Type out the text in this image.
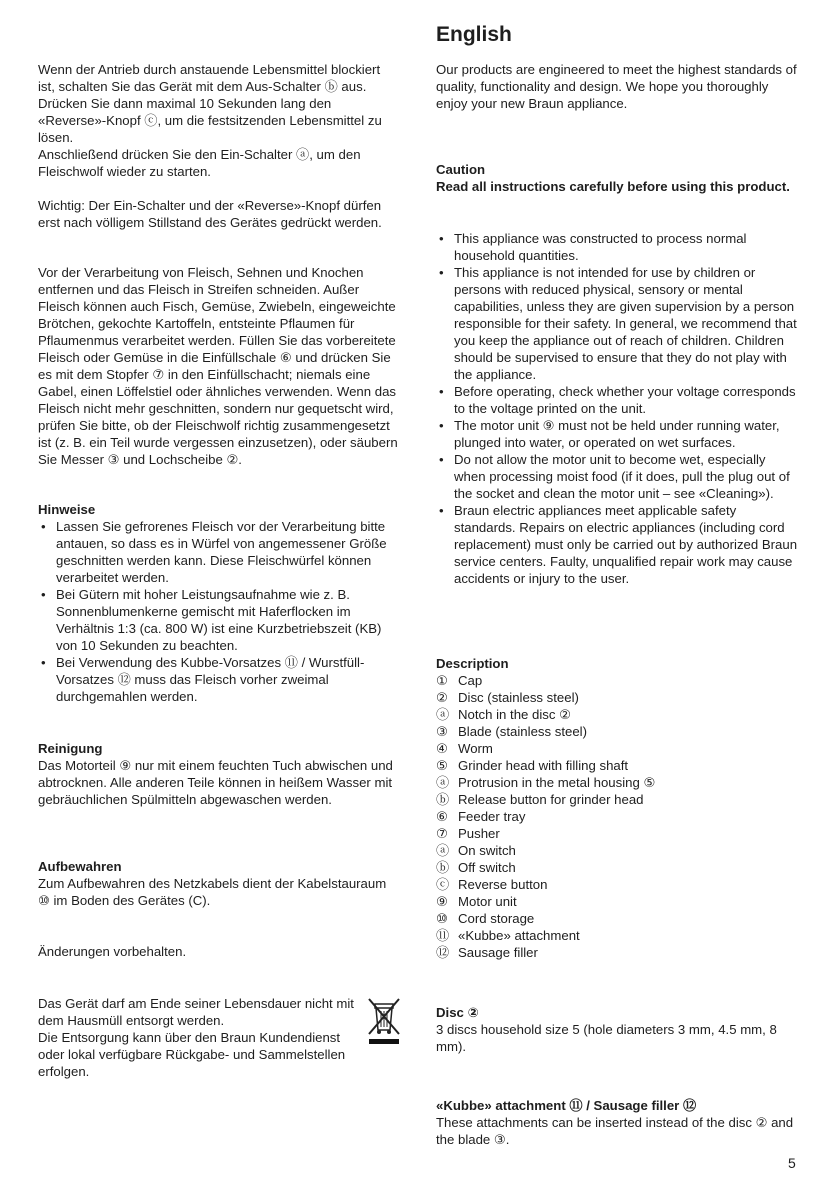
Wenn der Antrieb durch anstauende Lebensmittel blockiert ist, schalten Sie das Gerät mit dem Aus-Schalter ⓑ aus. Drücken Sie dann maximal 10 Sekunden lang den «Reverse»-Knopf ⓒ, um die festsitzenden Lebensmittel zu lösen.

Anschließend drücken Sie den Ein-Schalter ⓐ, um den Fleischwolf wieder zu starten.

Wichtig: Der Ein-Schalter und der «Reverse»-Knopf dürfen erst nach völligem Stillstand des Gerätes gedrückt werden.

Vor der Verarbeitung von Fleisch, Sehnen und Knochen entfernen und das Fleisch in Streifen schneiden. Außer Fleisch können auch Fisch, Gemüse, Zwiebeln, eingeweichte Brötchen, gekochte Kartoffeln, entsteinte Pflaumen für Pflaumenmus verarbeitet werden. Füllen Sie das vorbereitete Fleisch oder Gemüse in die Einfüllschale ⑥ und drücken Sie es mit dem Stopfer ⑦ in den Einfüllschacht; niemals eine Gabel, einen Löffelstiel oder ähnliches verwenden. Wenn das Fleisch nicht mehr geschnitten, sondern nur gequetscht wird, prüfen Sie bitte, ob der Fleischwolf richtig zusammengesetzt ist (z. B. ein Teil wurde vergessen einzusetzen), oder säubern Sie Messer ③ und Lochscheibe ②.

Hinweise

• Lassen Sie gefrorenes Fleisch vor der Verarbeitung bitte antauen, so dass es in Würfel von angemessener Größe geschnitten werden kann. Diese Fleischwürfel können verarbeitet werden.
• Bei Gütern mit hoher Leistungsaufnahme wie z. B. Sonnenblumenkerne gemischt mit Haferflocken im Verhältnis 1:3 (ca. 800 W) ist eine Kurzbetriebszeit (KB) von 10 Sekunden zu beachten.
• Bei Verwendung des Kubbe-Vorsatzes ⑪ / Wurstfüll-Vorsatzes ⑫ muss das Fleisch vorher zweimal durchgemahlen werden.

Reinigung

Das Motorteil ⑨ nur mit einem feuchten Tuch abwischen und abtrocknen. Alle anderen Teile können in heißem Wasser mit gebräuchlichen Spülmitteln abgewaschen werden.

Aufbewahren

Zum Aufbewahren des Netzkabels dient der Kabelstauraum ⑩ im Boden des Gerätes (C).

Änderungen vorbehalten.

Das Gerät darf am Ende seiner Lebensdauer nicht mit dem Hausmüll entsorgt werden.

Die Entsorgung kann über den Braun Kundendienst oder lokal verfügbare Rückgabe- und Sammelstellen erfolgen.

English

Our products are engineered to meet the highest standards of quality, functionality and design. We hope you thoroughly enjoy your new Braun appliance.

Caution

Read all instructions carefully before using this product.

• This appliance was constructed to process normal household quantities.
• This appliance is not intended for use by children or persons with reduced physical, sensory or mental capabilities, unless they are given supervision by a person responsible for their safety. In general, we recommend that you keep the appliance out of reach of children. Children should be supervised to ensure that they do not play with the appliance.
• Before operating, check whether your voltage corresponds to the voltage printed on the unit.
• The motor unit ⑨ must not be held under running water, plunged into water, or operated on wet surfaces.
• Do not allow the motor unit to become wet, especially when processing moist food (if it does, pull the plug out of the socket and clean the motor unit – see «Cleaning»).
• Braun electric appliances meet applicable safety standards. Repairs on electric appliances (including cord replacement) must only be carried out by authorized Braun service centers. Faulty, unqualified repair work may cause accidents or injury to the user.

Description

① Cap
② Disc (stainless steel)
ⓐ Notch in the disc ②
③ Blade (stainless steel)
④ Worm
⑤ Grinder head with filling shaft
ⓐ Protrusion in the metal housing ⑤
ⓑ Release button for grinder head
⑥ Feeder tray
⑦ Pusher
ⓐ On switch
ⓑ Off switch
ⓒ Reverse button
⑨ Motor unit
⑩ Cord storage
⑪ «Kubbe» attachment
⑫ Sausage filler

Disc ②

3 discs household size 5 (hole diameters 3 mm, 4.5 mm, 8 mm).

«Kubbe» attachment ⑪ / Sausage filler ⑫

These attachments can be inserted instead of the disc ② and the blade ③.

5
